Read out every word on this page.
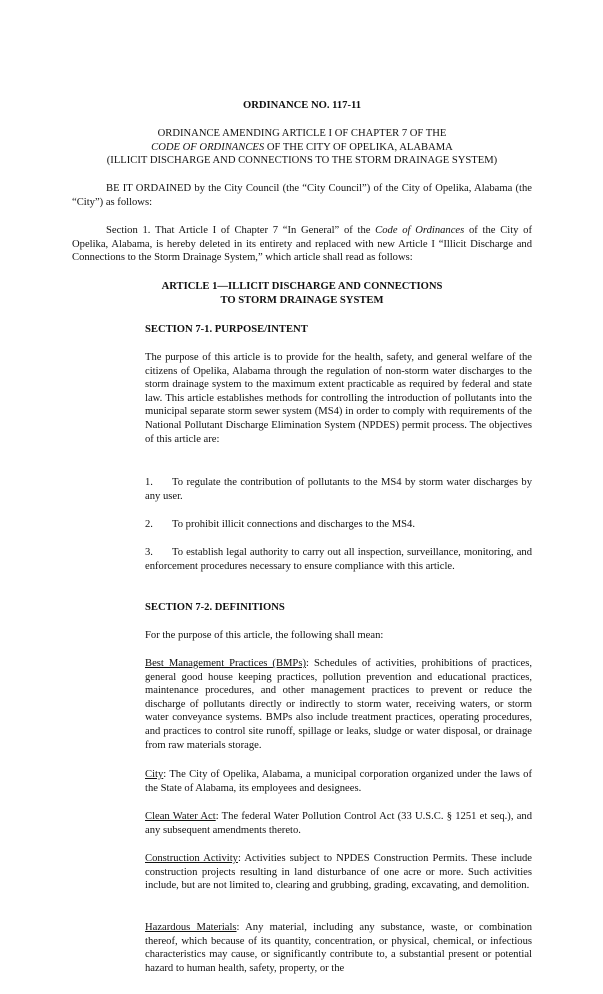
ORDINANCE NO. 117-11

ORDINANCE AMENDING ARTICLE I OF CHAPTER 7 OF THE
CODE OF ORDINANCES OF THE CITY OF OPELIKA, ALABAMA
(ILLICIT DISCHARGE AND CONNECTIONS TO THE STORM DRAINAGE SYSTEM)

BE IT ORDAINED by the City Council (the “City Council”) of the City of Opelika, Alabama (the “City”) as follows:

Section 1. That Article I of Chapter 7 “In General” of the Code of Ordinances of the City of Opelika, Alabama, is hereby deleted in its entirety and replaced with new Article I “Illicit Discharge and Connections to the Storm Drainage System,” which article shall read as follows:

ARTICLE 1—ILLICIT DISCHARGE AND CONNECTIONS
TO STORM DRAINAGE SYSTEM

SECTION 7-1. PURPOSE/INTENT

The purpose of this article is to provide for the health, safety, and general welfare of the citizens of Opelika, Alabama through the regulation of non-storm water discharges to the storm drainage system to the maximum extent practicable as required by federal and state law. This article establishes methods for controlling the introduction of pollutants into the municipal separate storm sewer system (MS4) in order to comply with requirements of the National Pollutant Discharge Elimination System (NPDES) permit process. The objectives of this article are:

1. To regulate the contribution of pollutants to the MS4 by storm water discharges by any user.

2. To prohibit illicit connections and discharges to the MS4.

3. To establish legal authority to carry out all inspection, surveillance, monitoring, and enforcement procedures necessary to ensure compliance with this article.

SECTION 7-2. DEFINITIONS

For the purpose of this article, the following shall mean:

Best Management Practices (BMPs): Schedules of activities, prohibitions of practices, general good house keeping practices, pollution prevention and educational practices, maintenance procedures, and other management practices to prevent or reduce the discharge of pollutants directly or indirectly to storm water, receiving waters, or storm water conveyance systems. BMPs also include treatment practices, operating procedures, and practices to control site runoff, spillage or leaks, sludge or water disposal, or drainage from raw materials storage.

City: The City of Opelika, Alabama, a municipal corporation organized under the laws of the State of Alabama, its employees and designees.

Clean Water Act: The federal Water Pollution Control Act (33 U.S.C. § 1251 et seq.), and any subsequent amendments thereto.

Construction Activity: Activities subject to NPDES Construction Permits. These include construction projects resulting in land disturbance of one acre or more. Such activities include, but are not limited to, clearing and grubbing, grading, excavating, and demolition.

Hazardous Materials: Any material, including any substance, waste, or combination thereof, which because of its quantity, concentration, or physical, chemical, or infectious characteristics may cause, or significantly contribute to, a substantial present or potential hazard to human health, safety, property, or the
